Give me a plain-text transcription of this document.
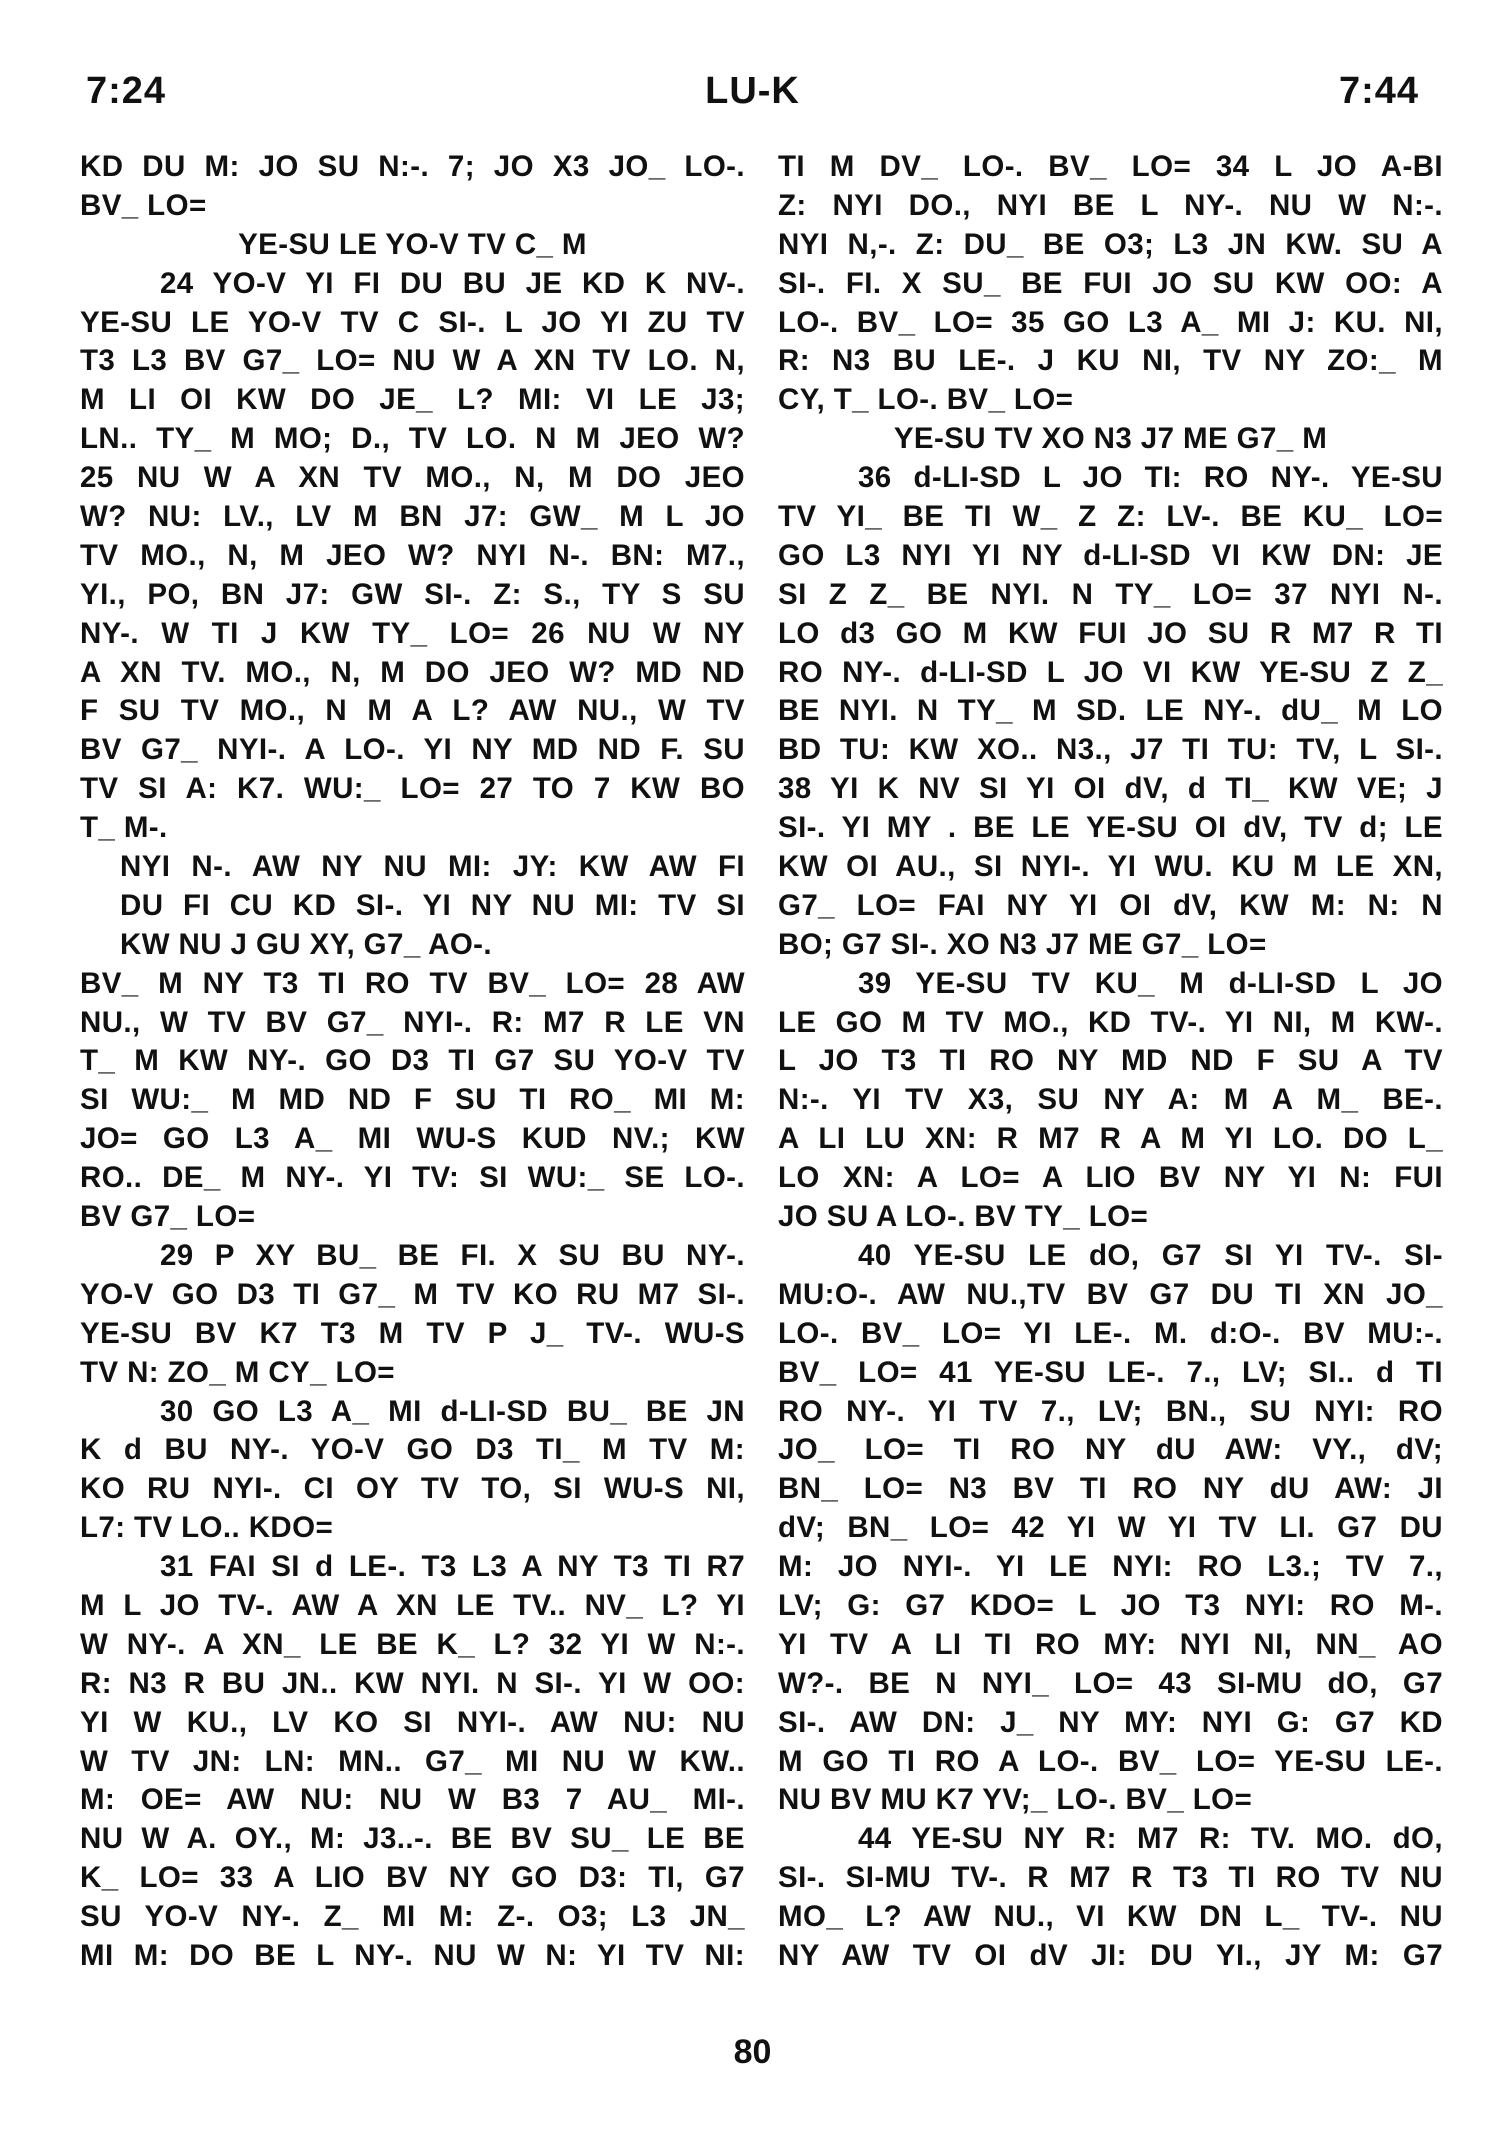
7:24	LU-K	7:44
KD DU M: JO SU N:-. 7; JO X3 JO_ LO-.
BV_ LO=
YE-SU LE YO-V TV C_ M
24 YO-V YI FI DU BU JE KD K NV-.
YE-SU LE YO-V TV C SI-. L JO YI ZU TV
T3 L3 BV G7_ LO= NU W A XN TV LO. N,
M LI OI KW DO JE_ L? MI: VI LE J3;
LN.. TY_ M MO; D., TV LO. N M JEO W?
25 NU W A XN TV MO., N, M DO JEO
W? NU: LV., LV M BN J7: GW_ M L JO
TV MO., N, M JEO W? NYI N-. BN: M7.,
YI., PO, BN J7: GW SI-. Z: S., TY S SU
NY-. W TI J KW TY_ LO= 26 NU W NY
A XN TV. MO., N, M DO JEO W? MD ND
F SU TV MO., N M A L? AW NU., W TV
BV G7_ NYI-. A LO-. YI NY MD ND F. SU
TV SI A: K7. WU:_ LO= 27 TO 7 KW BO
T_ M-.
NYI N-. AW NY NU MI: JY: KW AW FI
DU FI CU KD SI-. YI NY NU MI: TV SI
KW NU J GU XY, G7_ AO-.
BV_ M NY T3 TI RO TV BV_ LO= 28 AW
NU., W TV BV G7_ NYI-. R: M7 R LE VN
T_ M KW NY-. GO D3 TI G7 SU YO-V TV
SI WU:_ M MD ND F SU TI RO_ MI M:
JO= GO L3 A_ MI WU-S KUD NV.; KW
RO.. DE_ M NY-. YI TV: SI WU:_ SE LO-.
BV G7_ LO=
29 P XY BU_ BE FI. X SU BU NY-.
YO-V GO D3 TI G7_ M TV KO RU M7 SI-.
YE-SU BV K7 T3 M TV P J_ TV-. WU-S
TV N: ZO_ M CY_ LO=
30 GO L3 A_ MI d-LI-SD BU_ BE JN
K d BU NY-. YO-V GO D3 TI_ M TV M:
KO RU NYI-. CI OY TV TO, SI WU-S NI,
L7: TV LO.. KDO=
31 FAI SI d LE-. T3 L3 A NY T3 TI R7
M L JO TV-. AW A XN LE TV.. NV_ L? YI
W NY-. A XN_ LE BE K_ L? 32 YI W N:-.
R: N3 R BU JN.. KW NYI. N SI-. YI W OO:
YI W KU., LV KO SI NYI-. AW NU: NU
W TV JN: LN: MN.. G7_ MI NU W KW..
M: OE= AW NU: NU W B3 7 AU_ MI-.
NU W A. OY., M: J3..-. BE BV SU_ LE BE
K_ LO= 33 A LIO BV NY GO D3: TI, G7
SU YO-V NY-. Z_ MI M: Z-. O3; L3 JN_
MI M: DO BE L NY-. NU W N: YI TV NI:
TI M DV_ LO-. BV_ LO= 34 L JO A-BI
Z: NYI DO., NYI BE L NY-. NU W N:-.
NYI N,-. Z: DU_ BE O3; L3 JN KW. SU A
SI-. FI. X SU_ BE FUI JO SU KW OO: A
LO-. BV_ LO= 35 GO L3 A_ MI J: KU. NI,
R: N3 BU LE-. J KU NI, TV NY ZO:_ M
CY, T_ LO-. BV_ LO=
YE-SU TV XO N3 J7 ME G7_ M
36 d-LI-SD L JO TI: RO NY-. YE-SU
TV YI_ BE TI W_ Z Z: LV-. BE KU_ LO=
GO L3 NYI YI NY d-LI-SD VI KW DN: JE
SI Z Z_ BE NYI. N TY_ LO= 37 NYI N-.
LO d3 GO M KW FUI JO SU R M7 R TI
RO NY-. d-LI-SD L JO VI KW YE-SU Z Z_
BE NYI. N TY_ M SD. LE NY-. dU_ M LO
BD TU: KW XO.. N3., J7 TI TU: TV, L SI-.
38 YI K NV SI YI OI dV, d TI_ KW VE; J
SI-. YI MY . BE LE YE-SU OI dV, TV d; LE
KW OI AU., SI NYI-. YI WU. KU M LE XN,
G7_ LO= FAI NY YI OI dV, KW M: N: N
BO; G7 SI-. XO N3 J7 ME G7_ LO=
39 YE-SU TV KU_ M d-LI-SD L JO
LE GO M TV MO., KD TV-. YI NI, M KW-.
L JO T3 TI RO NY MD ND F SU A TV
N:-. YI TV X3, SU NY A: M A M_ BE-.
A LI LU XN: R M7 R A M YI LO. DO L_
LO XN: A LO= A LIO BV NY YI N: FUI
JO SU A LO-. BV TY_ LO=
40 YE-SU LE dO, G7 SI YI TV-. SI-
MU:O-. AW NU.,TV BV G7 DU TI XN JO_
LO-. BV_ LO= YI LE-. M. d:O-. BV MU:-.
BV_ LO= 41 YE-SU LE-. 7., LV; SI.. d TI
RO NY-. YI TV 7., LV; BN., SU NYI: RO
JO_ LO= TI RO NY dU AW: VY., dV;
BN_ LO= N3 BV TI RO NY dU AW: JI
dV; BN_ LO= 42 YI W YI TV LI. G7 DU
M: JO NYI-. YI LE NYI: RO L3.; TV 7.,
LV; G: G7 KDO= L JO T3 NYI: RO M-.
YI TV A LI TI RO MY: NYI NI, NN_ AO
W?-. BE N NYI_ LO= 43 SI-MU dO, G7
SI-. AW DN: J_ NY MY: NYI G: G7 KD
M GO TI RO A LO-. BV_ LO= YE-SU LE-.
NU BV MU K7 YV;_ LO-. BV_ LO=
44 YE-SU NY R: M7 R: TV. MO. dO,
SI-. SI-MU TV-. R M7 R T3 TI RO TV NU
MO_ L? AW NU., VI KW DN L_ TV-. NU
NY AW TV OI dV JI: DU YI., JY M: G7
80
